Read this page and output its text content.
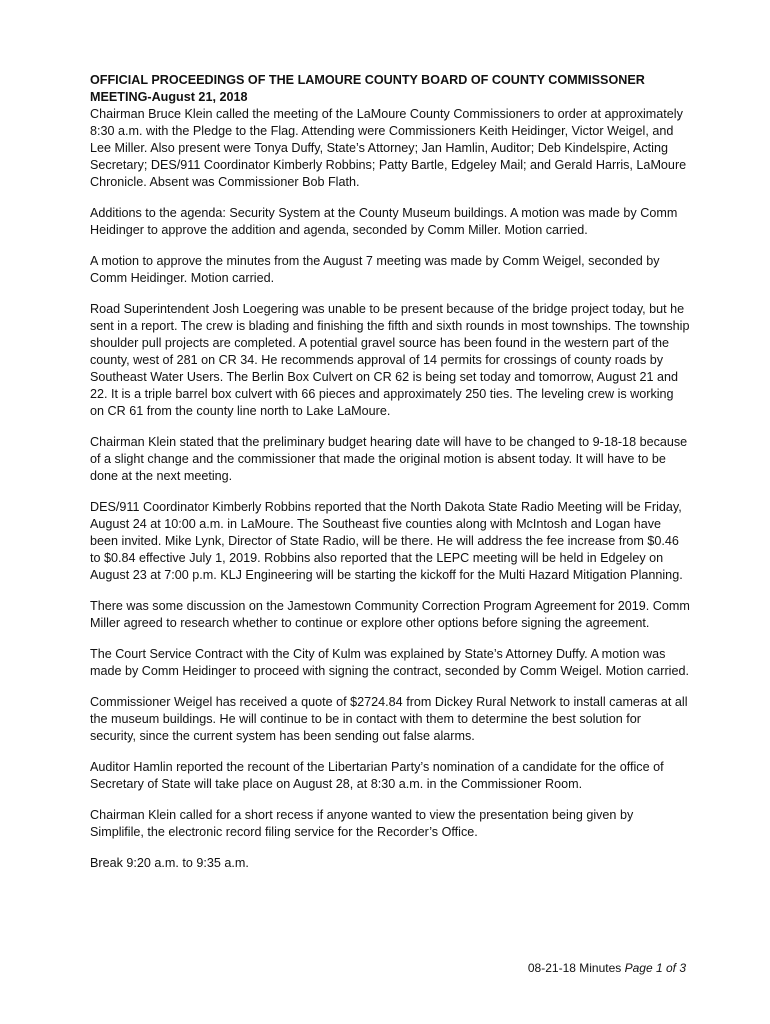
OFFICIAL PROCEEDINGS OF THE LAMOURE COUNTY BOARD OF COUNTY COMMISSONER MEETING-August 21, 2018

Chairman Bruce Klein called the meeting of the LaMoure County Commissioners to order at approximately 8:30 a.m. with the Pledge to the Flag. Attending were Commissioners Keith Heidinger, Victor Weigel, and Lee Miller. Also present were Tonya Duffy, State’s Attorney; Jan Hamlin, Auditor; Deb Kindelspire, Acting Secretary; DES/911 Coordinator Kimberly Robbins; Patty Bartle, Edgeley Mail; and Gerald Harris, LaMoure Chronicle. Absent was Commissioner Bob Flath.

Additions to the agenda: Security System at the County Museum buildings. A motion was made by Comm Heidinger to approve the addition and agenda, seconded by Comm Miller. Motion carried.

A motion to approve the minutes from the August 7 meeting was made by Comm Weigel, seconded by Comm Heidinger. Motion carried.

Road Superintendent Josh Loegering was unable to be present because of the bridge project today, but he sent in a report. The crew is blading and finishing the fifth and sixth rounds in most townships. The township shoulder pull projects are completed. A potential gravel source has been found in the western part of the county, west of 281 on CR 34. He recommends approval of 14 permits for crossings of county roads by Southeast Water Users. The Berlin Box Culvert on CR 62 is being set today and tomorrow, August 21 and 22. It is a triple barrel box culvert with 66 pieces and approximately 250 ties. The leveling crew is working on CR 61 from the county line north to Lake LaMoure.

Chairman Klein stated that the preliminary budget hearing date will have to be changed to 9-18-18 because of a slight change and the commissioner that made the original motion is absent today. It will have to be done at the next meeting.

DES/911 Coordinator Kimberly Robbins reported that the North Dakota State Radio Meeting will be Friday, August 24 at 10:00 a.m. in LaMoure. The Southeast five counties along with McIntosh and Logan have been invited. Mike Lynk, Director of State Radio, will be there. He will address the fee increase from $0.46 to $0.84 effective July 1, 2019. Robbins also reported that the LEPC meeting will be held in Edgeley on August 23 at 7:00 p.m. KLJ Engineering will be starting the kickoff for the Multi Hazard Mitigation Planning.

There was some discussion on the Jamestown Community Correction Program Agreement for 2019. Comm Miller agreed to research whether to continue or explore other options before signing the agreement.

The Court Service Contract with the City of Kulm was explained by State’s Attorney Duffy. A motion was made by Comm Heidinger to proceed with signing the contract, seconded by Comm Weigel. Motion carried.

Commissioner Weigel has received a quote of $2724.84 from Dickey Rural Network to install cameras at all the museum buildings. He will continue to be in contact with them to determine the best solution for security, since the current system has been sending out false alarms.

Auditor Hamlin reported the recount of the Libertarian Party’s nomination of a candidate for the office of Secretary of State will take place on August 28, at 8:30 a.m. in the Commissioner Room.

Chairman Klein called for a short recess if anyone wanted to view the presentation being given by Simplifile, the electronic record filing service for the Recorder’s Office.

Break 9:20 a.m. to 9:35 a.m.

08-21-18 Minutes Page 1 of 3
